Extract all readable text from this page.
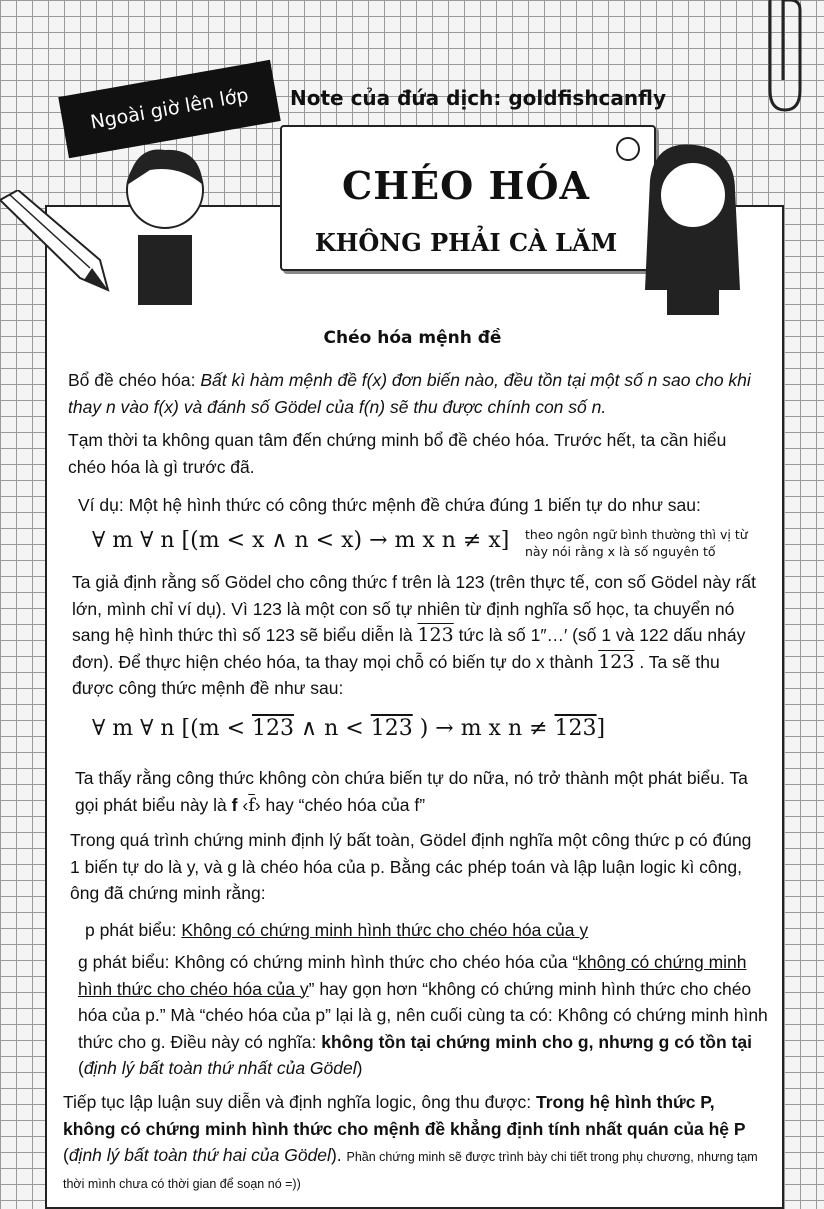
Ngoài giờ lên lớp	Note của đứa dịch: goldfishcanfly
CHÉO HÓA
KHÔNG PHẢI CÀ LĂM
Chéo hóa mệnh đề
Bổ đề chéo hóa: Bất kì hàm mệnh đề f(x) đơn biến nào, đều tồn tại một số n sao cho khi thay n vào f(x) và đánh số Gödel của f(n) sẽ thu được chính con số n.
Tạm thời ta không quan tâm đến chứng minh bổ đề chéo hóa. Trước hết, ta cần hiểu chéo hóa là gì trước đã.
Ví dụ: Một hệ hình thức có công thức mệnh đề chứa đúng 1 biến tự do như sau:
∀ m ∀ n [(m < x ∧ n < x) → m x n ≠ x] theo ngôn ngữ bình thường thì vị từ
này nói rằng x là số nguyên tố
Ta giả định rằng số Gödel cho công thức f trên là 123 (trên thực tế, con số Gödel này rất lớn, mình chỉ ví dụ). Vì 123 là một con số tự nhiên từ định nghĩa số học, ta chuyển nó sang hệ hình thức thì số 123 sẽ biểu diễn là 123 tức là số 1″…′ (số 1 và 122 dấu nháy đơn). Để thực hiện chéo hóa, ta thay mọi chỗ có biến tự do x thành 123 . Ta sẽ thu được công thức mệnh đề như sau:
∀ m ∀ n [(m < 123 ∧ n < 123 ) → m x n ≠ 123]
Ta thấy rằng công thức không còn chứa biến tự do nữa, nó trở thành một phát biểu. Ta gọi phát biểu này là f $‹\overline{f}›$ hay “chéo hóa của f”
Trong quá trình chứng minh định lý bất toàn, Gödel định nghĩa một công thức p có đúng 1 biến tự do là y, và g là chéo hóa của p. Bằng các phép toán và lập luận logic kì công, ông đã chứng minh rằng:
p phát biểu: Không có chứng minh hình thức cho chéo hóa của y
g phát biểu: Không có chứng minh hình thức cho chéo hóa của “không có chứng minh hình thức cho chéo hóa của y” hay gọn hơn “không có chứng minh hình thức cho chéo hóa của p.” Mà “chéo hóa của p” lại là g, nên cuối cùng ta có: Không có chứng minh hình thức cho g. Điều này có nghĩa: không tồn tại chứng minh cho g, nhưng g có tồn tại (định lý bất toàn thứ nhất của Gödel)
Tiếp tục lập luận suy diễn và định nghĩa logic, ông thu được: Trong hệ hình thức P, không có chứng minh hình thức cho mệnh đề khẳng định tính nhất quán của hệ P (định lý bất toàn thứ hai của Gödel). Phần chứng minh sẽ được trình bày chi tiết trong phụ chương, nhưng tạm thời mình chưa có thời gian để soạn nó =))
